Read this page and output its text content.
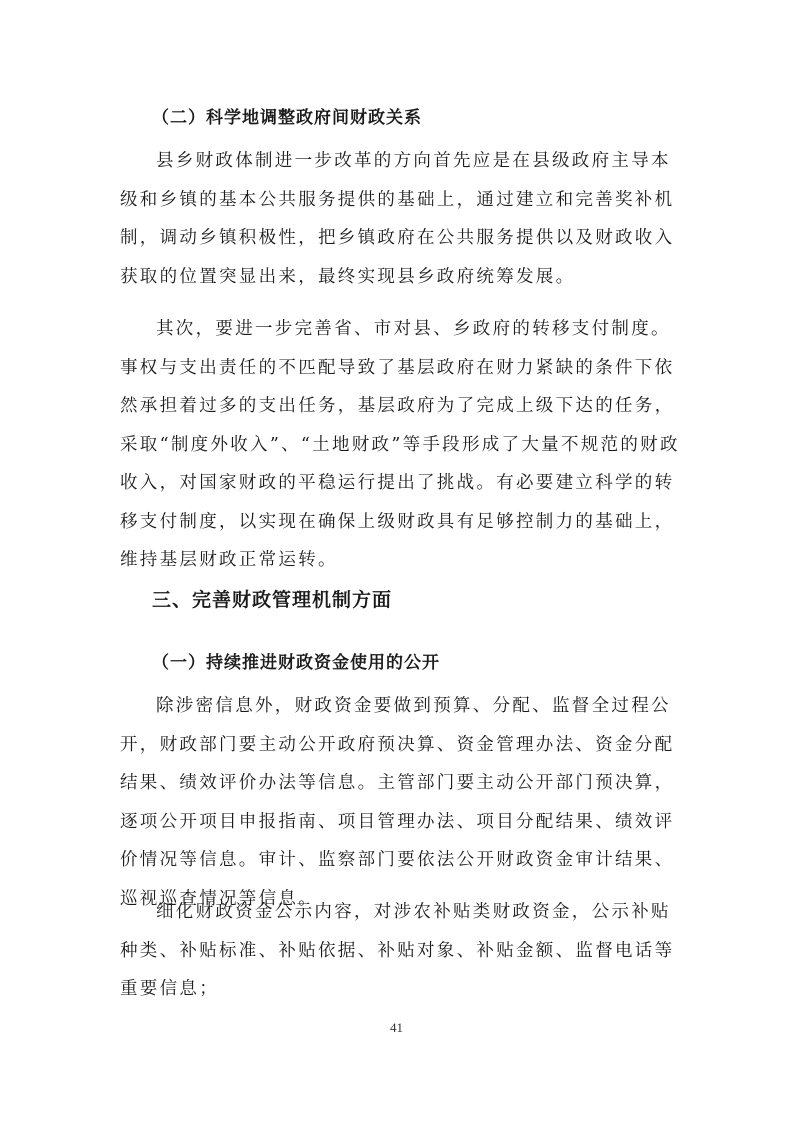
（二）科学地调整政府间财政关系

县乡财政体制进一步改革的方向首先应是在县级政府主导本级和乡镇的基本公共服务提供的基础上，通过建立和完善奖补机制，调动乡镇积极性，把乡镇政府在公共服务提供以及财政收入获取的位置突显出来，最终实现县乡政府统筹发展。

其次，要进一步完善省、市对县、乡政府的转移支付制度。事权与支出责任的不匹配导致了基层政府在财力紧缺的条件下依然承担着过多的支出任务，基层政府为了完成上级下达的任务，采取“制度外收入”、“土地财政”等手段形成了大量不规范的财政收入，对国家财政的平稳运行提出了挑战。有必要建立科学的转移支付制度，以实现在确保上级财政具有足够控制力的基础上，维持基层财政正常运转。

三、完善财政管理机制方面
（一）持续推进财政资金使用的公开

除涉密信息外，财政资金要做到预算、分配、监督全过程公开，财政部门要主动公开政府预决算、资金管理办法、资金分配结果、绩效评价办法等信息。主管部门要主动公开部门预决算，逐项公开项目申报指南、项目管理办法、项目分配结果、绩效评价情况等信息。审计、监察部门要依法公开财政资金审计结果、巡视巡查情况等信息。

细化财政资金公示内容，对涉农补贴类财政资金，公示补贴种类、补贴标准、补贴依据、补贴对象、补贴金额、监督电话等重要信息；

41
